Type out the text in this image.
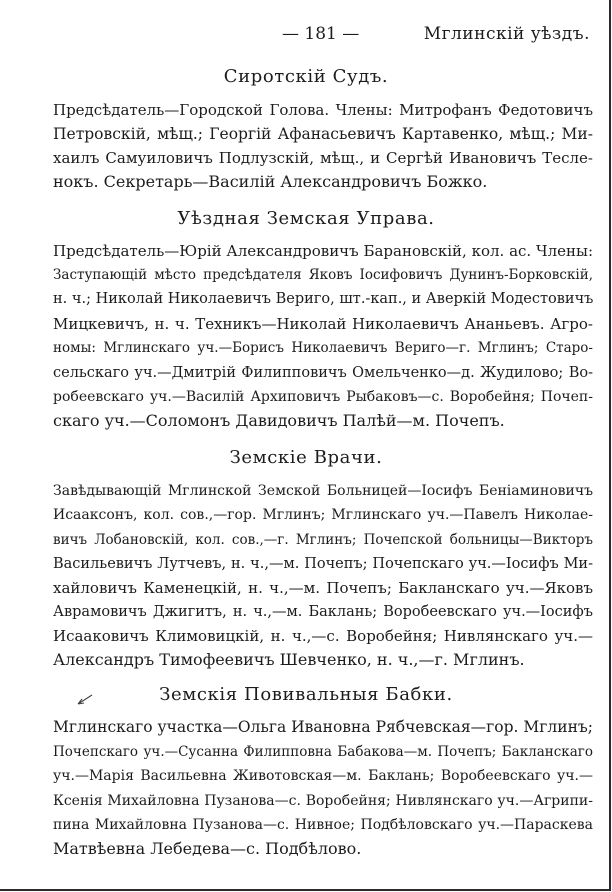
— 181 —	Мглинскій уѣздъ.
Сиротскій Судъ.
Предсѣдатель—Городской Голова. Члены: Митрофанъ Федотовичъ
Петровскій, мѣщ.; Георгій Афанасьевичъ Картавенко, мѣщ.; Ми-
хаилъ Самуиловичъ Подлузскій, мѣщ., и Сергѣй Ивановичъ Тесле-
нокъ. Секретарь—Василій Александровичъ Божко.
Уѣздная Земская Управа.
Предсѣдатель—Юрій Александровичъ Барановскій, кол. ас. Члены:
Заступающій мѣсто предсѣдателя Яковъ Іосифовичъ Дунинъ-Борковскій,
н. ч.; Николай Николаевичъ Веригo, шт.-кап., и Аверкій Модестовичъ
Мицкевичъ, н. ч. Техникъ—Николай Николаевичъ Ананьевъ. Агро-
номы: Мглинскаго уч.—Борисъ Николаевичъ Веригo—г. Мглинъ; Старо-
сельскаго уч.—Дмитрій Филипповичъ Омельченко—д. Жудилово; Во-
робеевскаго уч.—Василій Архиповичъ Рыбаковъ—с. Воробейня; Почеп-
скаго уч.—Соломонъ Давидовичъ Палѣй—м. Почепъ.
Земскіе Врачи.
Завѣдывающій Мглинской Земской Больницей—Іосифъ Беніаминовичъ
Исааксонъ, кол. сов.,—гор. Мглинъ; Мглинскаго уч.—Павелъ Николае-
вичъ Лобановскій, кол. сов.,—г. Мглинъ; Почепской больницы—Викторъ
Васильевичъ Лутчевъ, н. ч.,—м. Почепъ; Почепскаго уч.—Іосифъ Ми-
хайловичъ Каменецкій, н. ч.,—м. Почепъ; Бакланскаго уч.—Яковъ
Аврамовичъ Джигитъ, н. ч.,—м. Баклань; Воробеевскаго уч.—Іосифъ
Исааковичъ Климовицкій, н. ч.,—с. Воробейня; Нивлянскаго уч.—
Александръ Тимофеевичъ Шевченко, н. ч.,—г. Мглинъ.
Земскія Повивальныя Бабки.
Мглинскаго участка—Ольга Ивановна Рябчевская—гор. Мглинъ;
Почепскаго уч.—Сусанна Филипповна Бабакова—м. Почепъ; Бакланскаго
уч.—Марія Васильевна Животовская—м. Баклань; Воробеевскаго уч.—
Ксенія Михайловна Пузанова—с. Воробейня; Нивлянскаго уч.—Агрипи-
пина Михайловна Пузанова—с. Нивное; Подбѣловскаго уч.—Параскева
Матвѣевна Лебедева—с. Подбѣлово.
